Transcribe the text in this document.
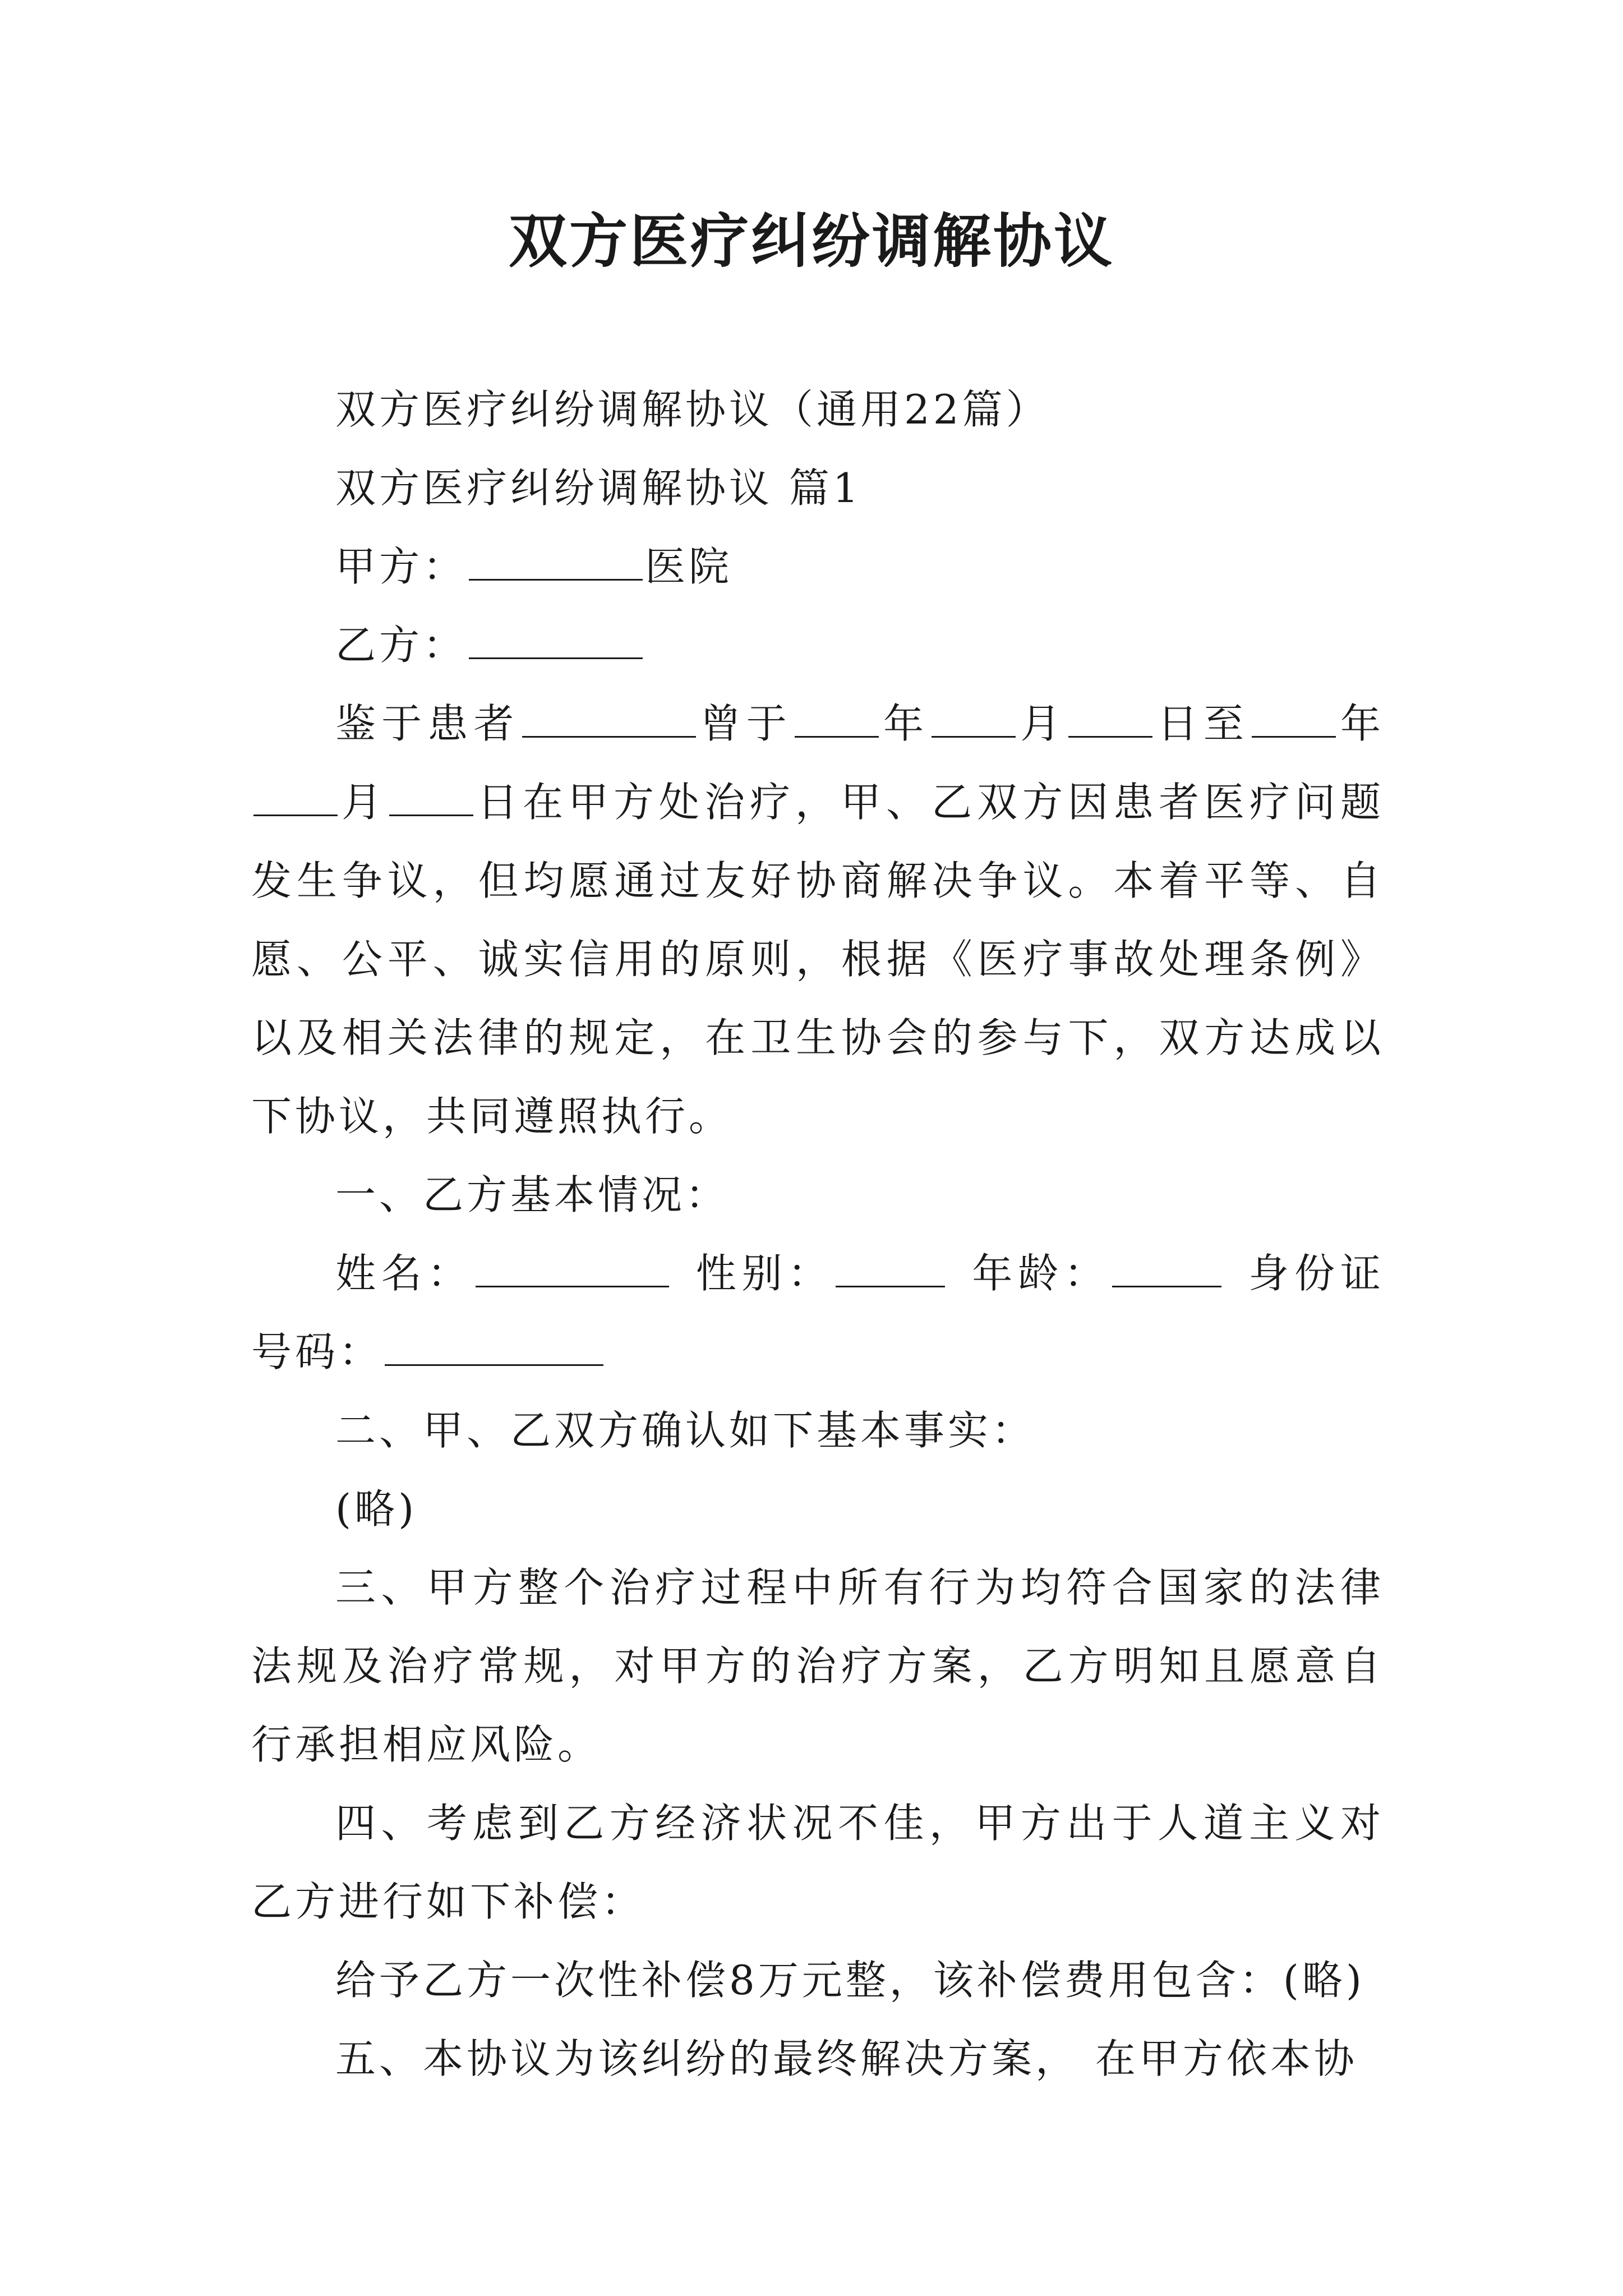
双方医疗纠纷调解协议

双方医疗纠纷调解协议（通用22篇）

双方医疗纠纷调解协议 篇1

甲方：	医院

乙方：

鉴于患者	曾于 年 月 日至 年月 日在甲方处治疗，甲、乙双方因患者医疗问题发生争议，但均愿通过友好协商解决争议。本着平等、自愿、公平、诚实信用的原则，根据《医疗事故处理条例》以及相关法律的规定，在卫生协会的参与下，双方达成以下协议，共同遵照执行。

一、乙方基本情况：

姓名：	性别：	年龄：	身份证号码：

二、甲、乙双方确认如下基本事实：

(略)

三、甲方整个治疗过程中所有行为均符合国家的法律法规及治疗常规，对甲方的治疗方案，乙方明知且愿意自行承担相应风险。

四、考虑到乙方经济状况不佳，甲方出于人道主义对乙方进行如下补偿：

给予乙方一次性补偿8万元整，该补偿费用包含：(略)

五、本协议为该纠纷的最终解决方案， 在甲方依本协
